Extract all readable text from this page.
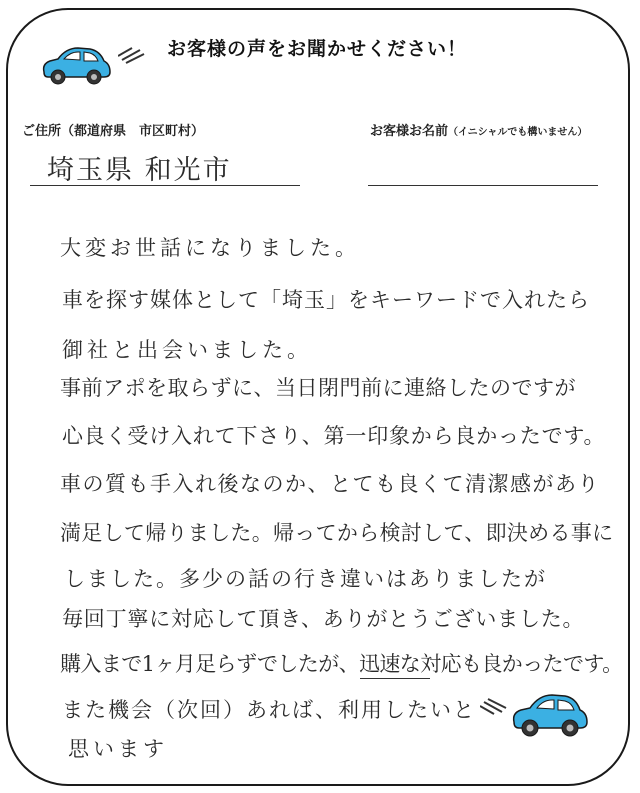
お客様の声をお聞かせください！
ご住所（都道府県　市区町村）	お客様お名前（イニシャルでも構いません）
埼玉県 和光市
大変お世話になりました。
車を探す媒体として「埼玉」をキーワードで入れたら
御社と出会いました。
事前アポを取らずに、当日閉門前に連絡したのですが
心良く受け入れて下さり、第一印象から良かったです。
車の質も手入れ後なのか、とても良くて清潔感があり
満足して帰りました。帰ってから検討して、即決める事に
しました。多少の話の行き違いはありましたが
毎回丁寧に対応して頂き、ありがとうございました。
購入まで1ヶ月足らずでしたが、迅速な対応も良かったです。
また機会（次回）あれば、利用したいと
思います
